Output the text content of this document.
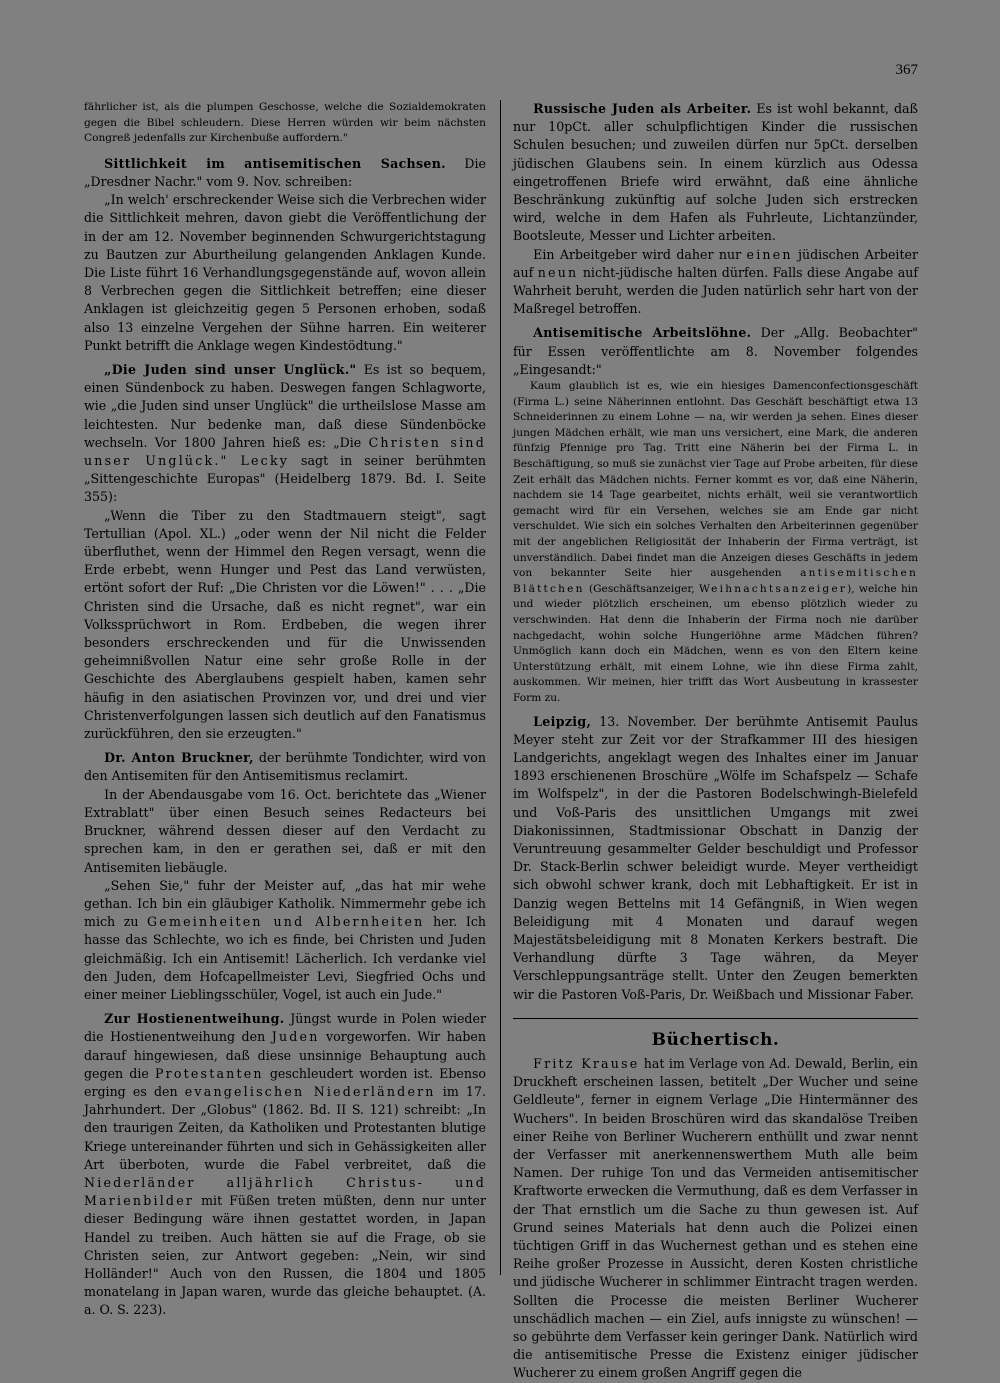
367

fährlicher ist, als die plumpen Geschosse, welche die Sozialdemokraten gegen die Bibel schleudern. Diese Herren würden wir beim nächsten Congreß jedenfalls zur Kirchenbuße auffordern."

Sittlichkeit im antisemitischen Sachsen. Die „Dresdner Nachr." vom 9. Nov. schreiben:

„In welch' erschreckender Weise sich die Verbrechen wider die Sittlichkeit mehren, davon giebt die Veröffentlichung der in der am 12. November beginnenden Schwurgerichtstagung zu Bautzen zur Aburtheilung gelangenden Anklagen Kunde. Die Liste führt 16 Verhandlungsgegenstände auf, wovon allein 8 Verbrechen gegen die Sittlichkeit betreffen; eine dieser Anklagen ist gleichzeitig gegen 5 Personen erhoben, sodaß also 13 einzelne Vergehen der Sühne harren. Ein weiterer Punkt betrifft die Anklage wegen Kindestödtung."

„Die Juden sind unser Unglück." Es ist so bequem, einen Sündenbock zu haben. Deswegen fangen Schlagworte, wie „die Juden sind unser Unglück" die urtheilslose Masse am leichtesten. Nur bedenke man, daß diese Sündenböcke wechseln. Vor 1800 Jahren hieß es: „Die Christen sind unser Unglück." Lecky sagt in seiner berühmten „Sittengeschichte Europas" (Heidelberg 1879. Bd. I. Seite 355):

„Wenn die Tiber zu den Stadtmauern steigt", sagt Tertullian (Apol. XL.) „oder wenn der Nil nicht die Felder überfluthet, wenn der Himmel den Regen versagt, wenn die Erde erbebt, wenn Hunger und Pest das Land verwüsten, ertönt sofort der Ruf: „Die Christen vor die Löwen!" . . . „Die Christen sind die Ursache, daß es nicht regnet", war ein Volkssprüchwort in Rom. Erdbeben, die wegen ihrer besonders erschreckenden und für die Unwissenden geheimnißvollen Natur eine sehr große Rolle in der Geschichte des Aberglaubens gespielt haben, kamen sehr häufig in den asiatischen Provinzen vor, und drei und vier Christenverfolgungen lassen sich deutlich auf den Fanatismus zurückführen, den sie erzeugten."

Dr. Anton Bruckner, der berühmte Tondichter, wird von den Antisemiten für den Antisemitismus reclamirt.

In der Abendausgabe vom 16. Oct. berichtete das „Wiener Extrablatt" über einen Besuch seines Redacteurs bei Bruckner, während dessen dieser auf den Verdacht zu sprechen kam, in den er gerathen sei, daß er mit den Antisemiten liebäugle.

„Sehen Sie," fuhr der Meister auf, „das hat mir wehe gethan. Ich bin ein gläubiger Katholik. Nimmermehr gebe ich mich zu Gemeinheiten und Albernheiten her. Ich hasse das Schlechte, wo ich es finde, bei Christen und Juden gleichmäßig. Ich ein Antisemit! Lächerlich. Ich verdanke viel den Juden, dem Hofcapellmeister Levi, Siegfried Ochs und einer meiner Lieblingsschüler, Vogel, ist auch ein Jude."

Zur Hostienentweihung. Jüngst wurde in Polen wieder die Hostienentweihung den Juden vorgeworfen. Wir haben darauf hingewiesen, daß diese unsinnige Behauptung auch gegen die Protestanten geschleudert worden ist. Ebenso erging es den evangelischen Niederländern im 17. Jahrhundert. Der „Globus" (1862. Bd. II S. 121) schreibt: „In den traurigen Zeiten, da Katholiken und Protestanten blutige Kriege untereinander führten und sich in Gehässigkeiten aller Art überboten, wurde die Fabel verbreitet, daß die Niederländer alljährlich Christus- und Marienbilder mit Füßen treten müßten, denn nur unter dieser Bedingung wäre ihnen gestattet worden, in Japan Handel zu treiben. Auch hätten sie auf die Frage, ob sie Christen seien, zur Antwort gegeben: „Nein, wir sind Holländer!" Auch von den Russen, die 1804 und 1805 monatelang in Japan waren, wurde das gleiche behauptet. (A. a. O. S. 223).

Russische Juden als Arbeiter. Es ist wohl bekannt, daß nur 10pCt. aller schulpflichtigen Kinder die russischen Schulen besuchen; und zuweilen dürfen nur 5pCt. derselben jüdischen Glaubens sein. In einem kürzlich aus Odessa eingetroffenen Briefe wird erwähnt, daß eine ähnliche Beschränkung zukünftig auf solche Juden sich erstrecken wird, welche in dem Hafen als Fuhrleute, Lichtanzünder, Bootsleute, Messer und Lichter arbeiten.

Ein Arbeitgeber wird daher nur einen jüdischen Arbeiter auf neun nicht-jüdische halten dürfen. Falls diese Angabe auf Wahrheit beruht, werden die Juden natürlich sehr hart von der Maßregel betroffen.

Antisemitische Arbeitslöhne. Der „Allg. Beobachter" für Essen veröffentlichte am 8. November folgendes „Eingesandt:"

Kaum glaublich ist es, wie ein hiesiges Damenconfectionsgeschäft (Firma L.) seine Näherinnen entlohnt. Das Geschäft beschäftigt etwa 13 Schneiderinnen zu einem Lohne — na, wir werden ja sehen. Eines dieser jungen Mädchen erhält, wie man uns versichert, eine Mark, die anderen fünfzig Pfennige pro Tag. Tritt eine Näherin bei der Firma L. in Beschäftigung, so muß sie zunächst vier Tage auf Probe arbeiten, für diese Zeit erhält das Mädchen nichts. Ferner kommt es vor, daß eine Näherin, nachdem sie 14 Tage gearbeitet, nichts erhält, weil sie verantwortlich gemacht wird für ein Versehen, welches sie am Ende gar nicht verschuldet. Wie sich ein solches Verhalten den Arbeiterinnen gegenüber mit der angeblichen Religiosität der Inhaberin der Firma verträgt, ist unverständlich. Dabei findet man die Anzeigen dieses Geschäfts in jedem von bekannter Seite hier ausgehenden antisemitischen Blättchen (Geschäftsanzeiger, Weihnachtsanzeiger), welche hin und wieder plötzlich erscheinen, um ebenso plötzlich wieder zu verschwinden. Hat denn die Inhaberin der Firma noch nie darüber nachgedacht, wohin solche Hungerlöhne arme Mädchen führen? Unmöglich kann doch ein Mädchen, wenn es von den Eltern keine Unterstützung erhält, mit einem Lohne, wie ihn diese Firma zahlt, auskommen. Wir meinen, hier trifft das Wort Ausbeutung in krassester Form zu.

Leipzig, 13. November. Der berühmte Antisemit Paulus Meyer steht zur Zeit vor der Strafkammer III des hiesigen Landgerichts, angeklagt wegen des Inhaltes einer im Januar 1893 erschienenen Broschüre „Wölfe im Schafspelz — Schafe im Wolfspelz", in der die Pastoren Bodelschwingh-Bielefeld und Voß-Paris des unsittlichen Umgangs mit zwei Diakonissinnen, Stadtmissionar Obschatt in Danzig der Veruntreuung gesammelter Gelder beschuldigt und Professor Dr. Stack-Berlin schwer beleidigt wurde. Meyer vertheidigt sich obwohl schwer krank, doch mit Lebhaftigkeit. Er ist in Danzig wegen Bettelns mit 14 Gefängniß, in Wien wegen Beleidigung mit 4 Monaten und darauf wegen Majestätsbeleidigung mit 8 Monaten Kerkers bestraft. Die Verhandlung dürfte 3 Tage währen, da Meyer Verschleppungsanträge stellt. Unter den Zeugen bemerkten wir die Pastoren Voß-Paris, Dr. Weißbach und Missionar Faber.

Büchertisch.

Fritz Krause hat im Verlage von Ad. Dewald, Berlin, ein Druckheft erscheinen lassen, betitelt „Der Wucher und seine Geldleute", ferner in eignem Verlage „Die Hintermänner des Wuchers". In beiden Broschüren wird das skandalöse Treiben einer Reihe von Berliner Wucherern enthüllt und zwar nennt der Verfasser mit anerkennenswerthem Muth alle beim Namen. Der ruhige Ton und das Vermeiden antisemitischer Kraftworte erwecken die Vermuthung, daß es dem Verfasser in der That ernstlich um die Sache zu thun gewesen ist. Auf Grund seines Materials hat denn auch die Polizei einen tüchtigen Griff in das Wuchernest gethan und es stehen eine Reihe großer Prozesse in Aussicht, deren Kosten christliche und jüdische Wucherer in schlimmer Eintracht tragen werden. Sollten die Processe die meisten Berliner Wucherer unschädlich machen — ein Ziel, aufs innigste zu wünschen! — so gebührte dem Verfasser kein geringer Dank. Natürlich wird die antisemitische Presse die Existenz einiger jüdischer Wucherer zu einem großen Angriff gegen die
